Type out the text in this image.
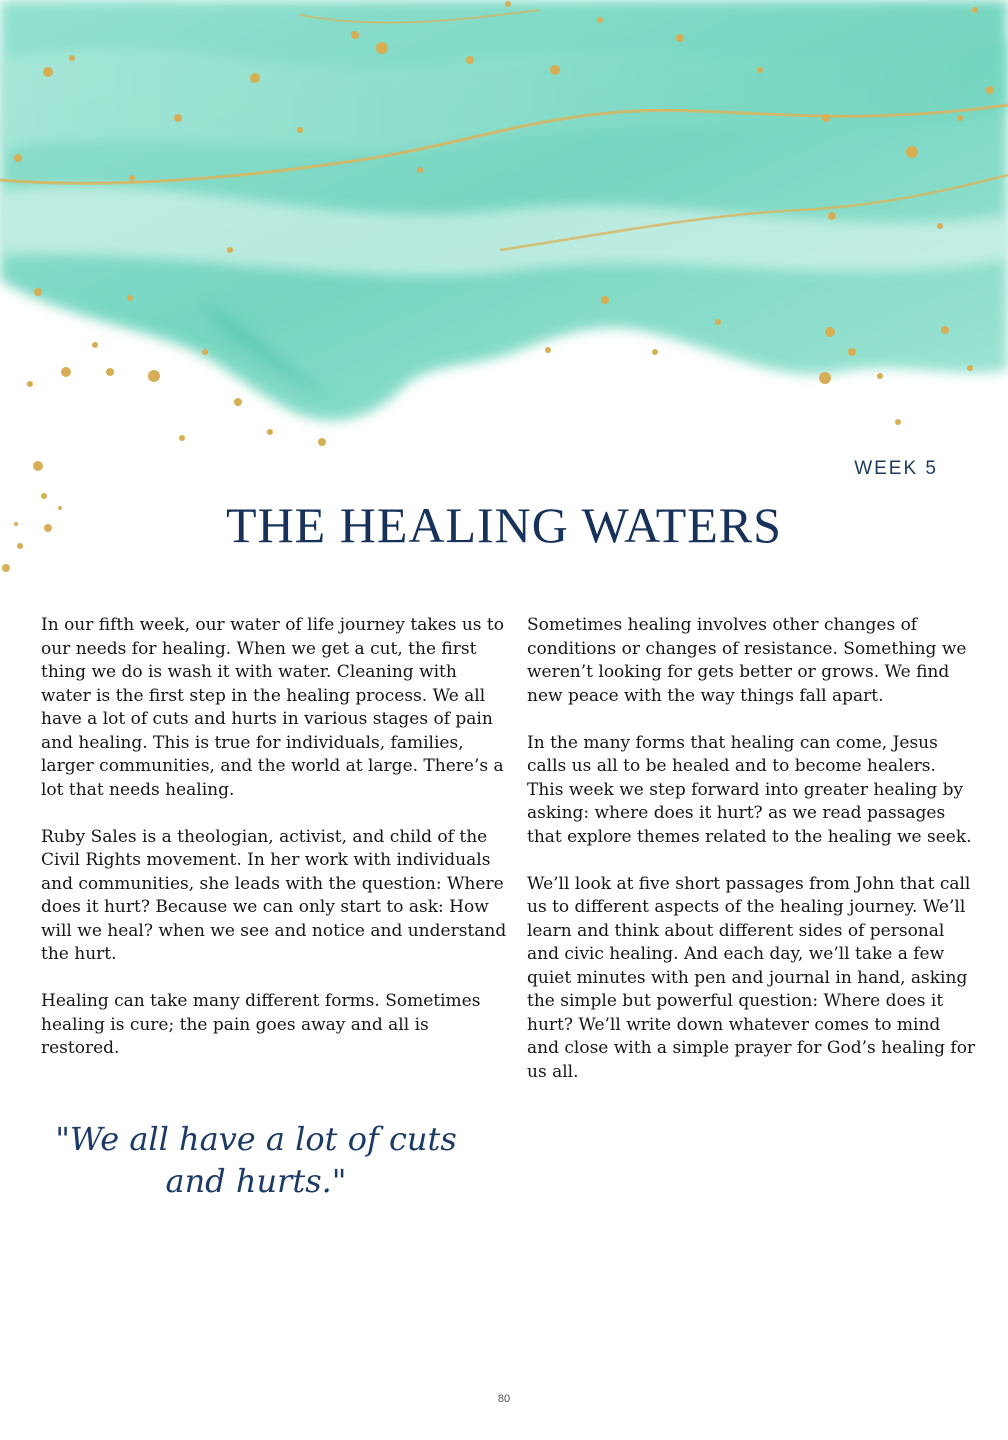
WEEK 5
THE HEALING WATERS

In our fifth week, our water of life journey takes us to our needs for healing. When we get a cut, the first thing we do is wash it with water. Cleaning with water is the first step in the healing process. We all have a lot of cuts and hurts in various stages of pain and healing. This is true for individuals, families, larger communities, and the world at large. There’s a lot that needs healing.

Ruby Sales is a theologian, activist, and child of the Civil Rights movement. In her work with individuals and communities, she leads with the question: Where does it hurt? Because we can only start to ask: How will we heal? when we see and notice and understand the hurt.

Healing can take many different forms. Sometimes healing is cure; the pain goes away and all is restored.

"We all have a lot of cuts and hurts."

Sometimes healing involves other changes of conditions or changes of resistance. Something we weren’t looking for gets better or grows. We find new peace with the way things fall apart.

In the many forms that healing can come, Jesus calls us all to be healed and to become healers. This week we step forward into greater healing by asking: where does it hurt? as we read passages that explore themes related to the healing we seek.

We’ll look at five short passages from John that call us to different aspects of the healing journey. We’ll learn and think about different sides of personal and civic healing. And each day, we’ll take a few quiet minutes with pen and journal in hand, asking the simple but powerful question: Where does it hurt? We’ll write down whatever comes to mind and close with a simple prayer for God’s healing for us all.

80
